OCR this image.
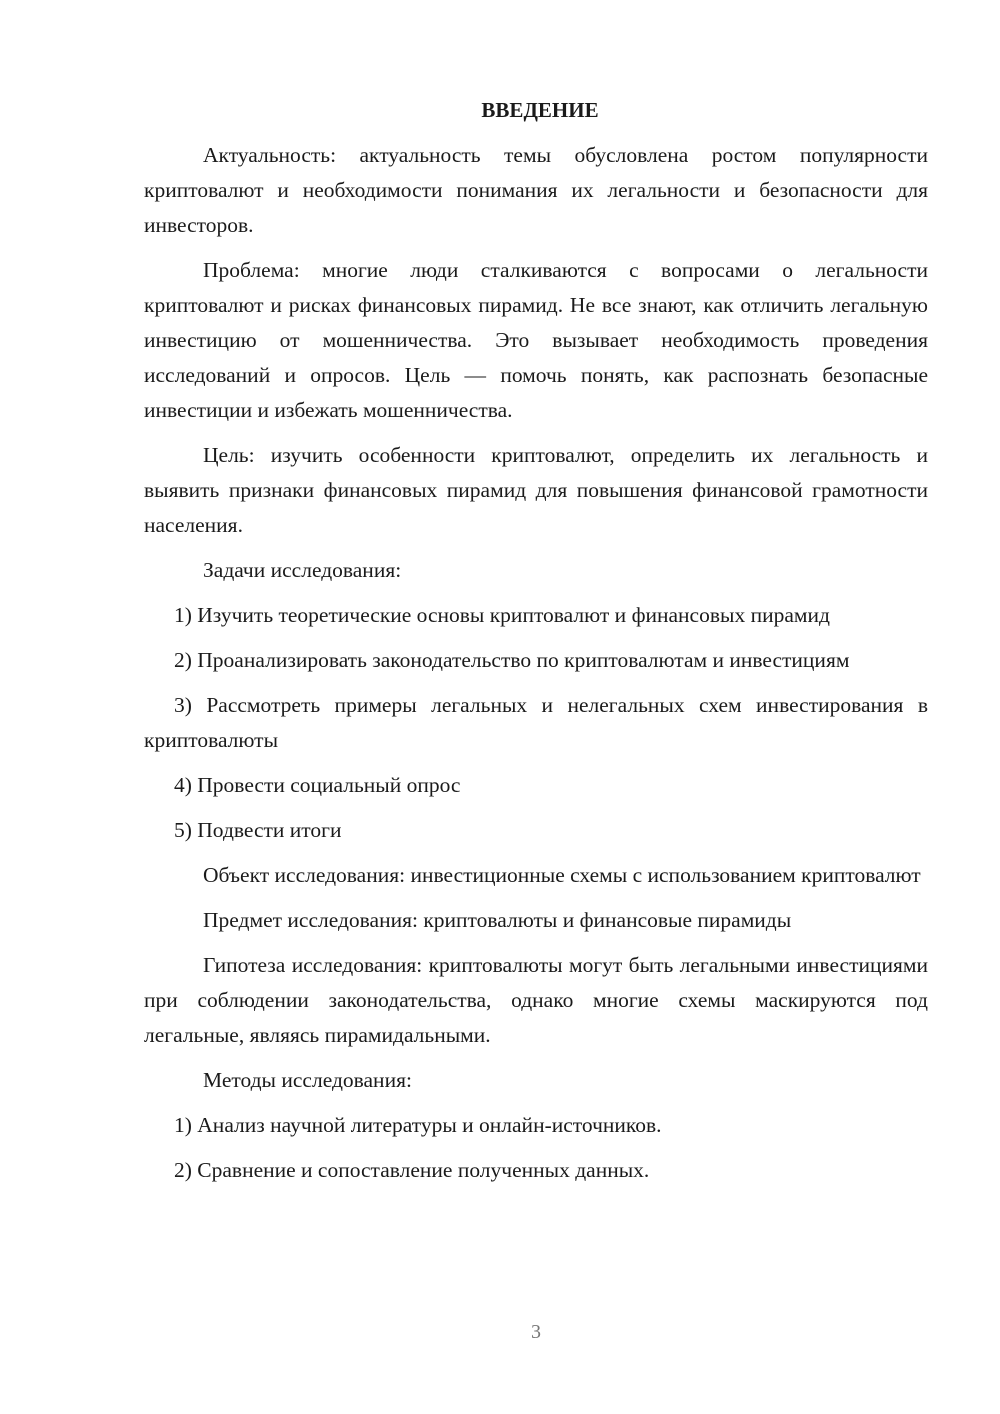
ВВЕДЕНИЕ

Актуальность: актуальность темы обусловлена ростом популярности криптовалют и необходимости понимания их легальности и безопасности для инвесторов.

Проблема: многие люди сталкиваются с вопросами о легальности криптовалют и рисках финансовых пирамид. Не все знают, как отличить легальную инвестицию от мошенничества. Это вызывает необходимость проведения исследований и опросов. Цель — помочь понять, как распознать безопасные инвестиции и избежать мошенничества.

Цель: изучить особенности криптовалют, определить их легальность и выявить признаки финансовых пирамид для повышения финансовой грамотности населения.

Задачи исследования:

1) Изучить теоретические основы криптовалют и финансовых пирамид

2) Проанализировать законодательство по криптовалютам и инвестициям

3) Рассмотреть примеры легальных и нелегальных схем инвестирования в криптовалюты

4) Провести социальный опрос

5) Подвести итоги

Объект исследования: инвестиционные схемы с использованием криптовалют

Предмет исследования: криптовалюты и финансовые пирамиды

Гипотеза исследования: криптовалюты могут быть легальными инвестициями при соблюдении законодательства, однако многие схемы маскируются под легальные, являясь пирамидальными.

Методы исследования:

1) Анализ научной литературы и онлайн-источников.

2) Сравнение и сопоставление полученных данных.

3
